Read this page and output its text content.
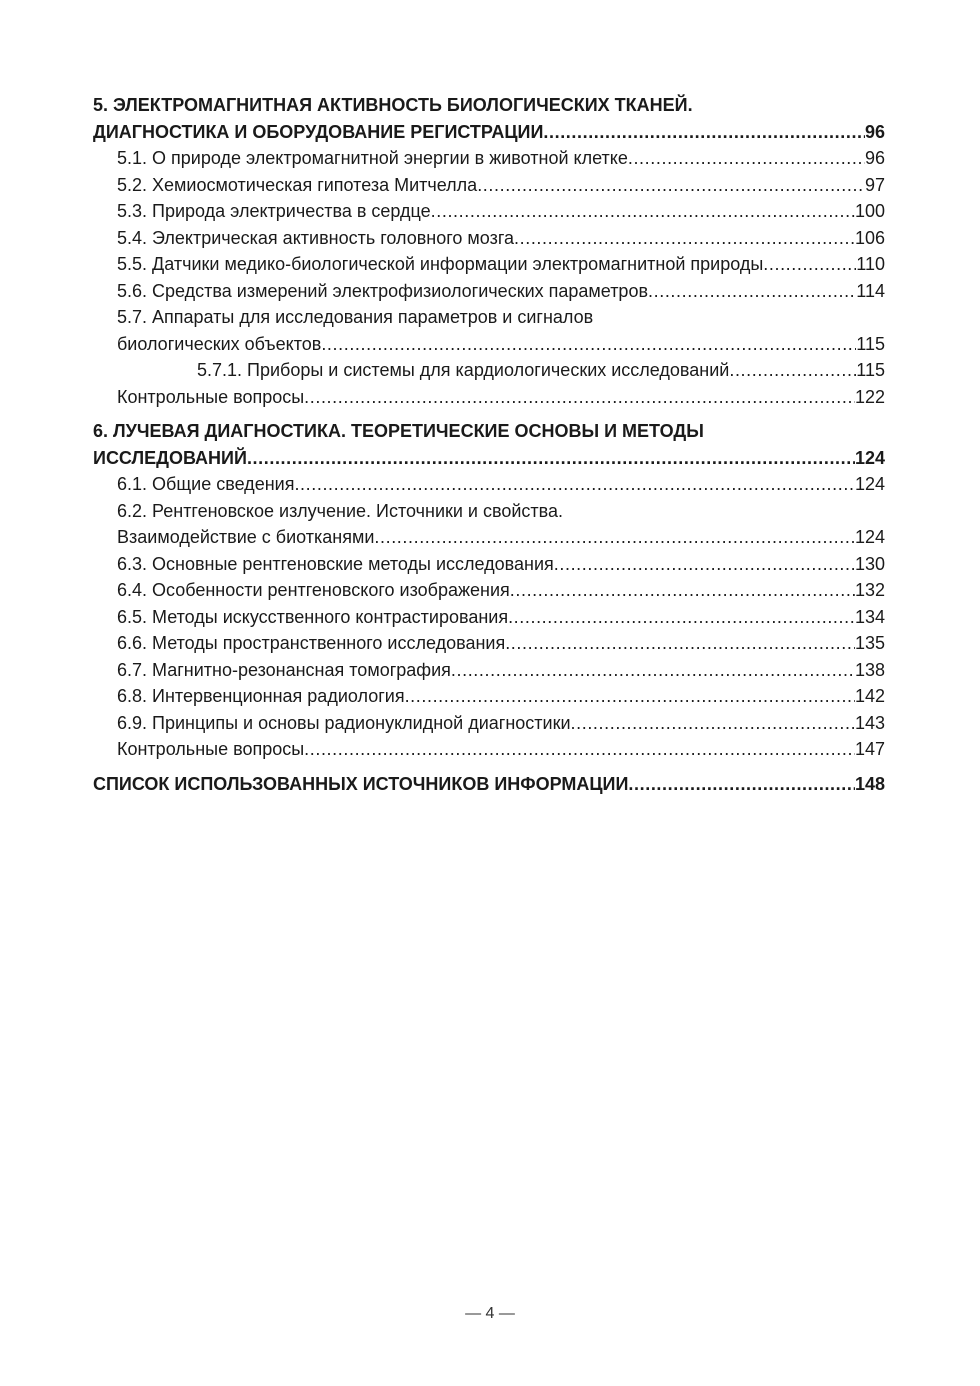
5. ЭЛЕКТРОМАГНИТНАЯ АКТИВНОСТЬ БИОЛОГИЧЕСКИХ ТКАНЕЙ.
ДИАГНОСТИКА И ОБОРУДОВАНИЕ РЕГИСТРАЦИИ .....	96
5.1. О природе электромагнитной энергии в животной клетке .....	96
5.2. Хемиосмотическая гипотеза Митчелла .....	97
5.3. Природа электричества в сердце .....	100
5.4. Электрическая активность головного мозга .....	106
5.5. Датчики медико-биологической информации электромагнитной природы .....	110
5.6. Средства измерений электрофизиологических параметров .....	114
5.7. Аппараты для исследования параметров и сигналов
биологических объектов .....	115
5.7.1. Приборы и системы для кардиологических исследований .....	115
Контрольные вопросы .....	122
6. ЛУЧЕВАЯ ДИАГНОСТИКА. ТЕОРЕТИЧЕСКИЕ ОСНОВЫ И МЕТОДЫ
ИССЛЕДОВАНИЙ .....	124
6.1. Общие сведения .....	124
6.2. Рентгеновское излучение. Источники и свойства.
Взаимодействие с биотканями .....	124
6.3. Основные рентгеновские методы исследования .....	130
6.4. Особенности рентгеновского изображения .....	132
6.5. Методы искусственного контрастирования .....	134
6.6. Методы пространственного исследования .....	135
6.7. Магнитно-резонансная томография .....	138
6.8. Интервенционная радиология .....	142
6.9. Принципы и основы радионуклидной диагностики .....	143
Контрольные вопросы .....	147
СПИСОК ИСПОЛЬЗОВАННЫХ ИСТОЧНИКОВ ИНФОРМАЦИИ .....	148
— 4 —
